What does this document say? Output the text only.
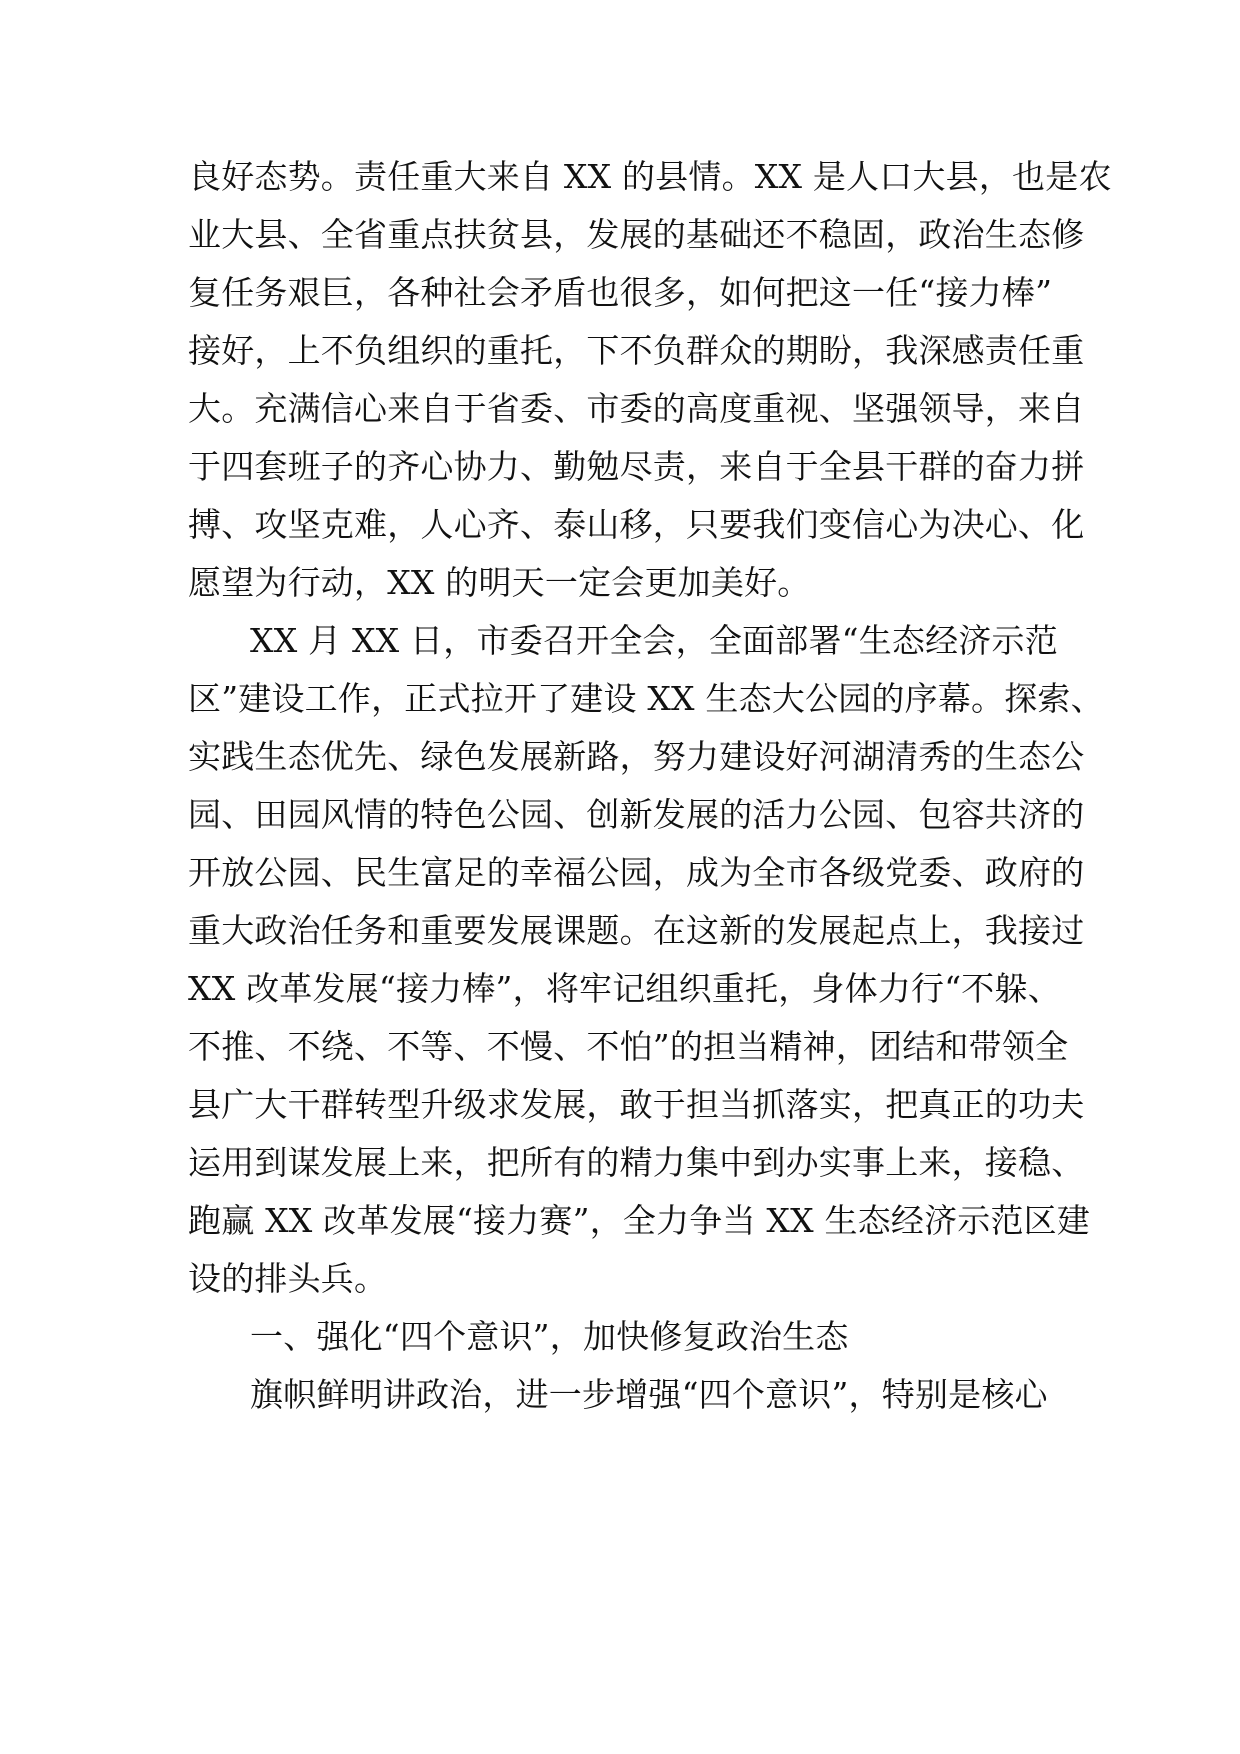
良好态势。责任重大来自 XX 的县情。XX 是人口大县，也是农
业大县、全省重点扶贫县，发展的基础还不稳固，政治生态修
复任务艰巨，各种社会矛盾也很多，如何把这一任“接力棒”
接好，上不负组织的重托，下不负群众的期盼，我深感责任重
大。充满信心来自于省委、市委的高度重视、坚强领导，来自
于四套班子的齐心协力、勤勉尽责，来自于全县干群的奋力拼
搏、攻坚克难，人心齐、泰山移，只要我们变信心为决心、化
愿望为行动，XX 的明天一定会更加美好。
XX 月 XX 日，市委召开全会，全面部署“生态经济示范
区”建设工作，正式拉开了建设 XX 生态大公园的序幕。探索、
实践生态优先、绿色发展新路，努力建设好河湖清秀的生态公
园、田园风情的特色公园、创新发展的活力公园、包容共济的
开放公园、民生富足的幸福公园，成为全市各级党委、政府的
重大政治任务和重要发展课题。在这新的发展起点上，我接过
XX 改革发展“接力棒”，将牢记组织重托，身体力行“不躲、
不推、不绕、不等、不慢、不怕”的担当精神，团结和带领全
县广大干群转型升级求发展，敢于担当抓落实，把真正的功夫
运用到谋发展上来，把所有的精力集中到办实事上来，接稳、
跑赢 XX 改革发展“接力赛”，全力争当 XX 生态经济示范区建
设的排头兵。
一、强化“四个意识”，加快修复政治生态
旗帜鲜明讲政治，进一步增强“四个意识”，特别是核心
